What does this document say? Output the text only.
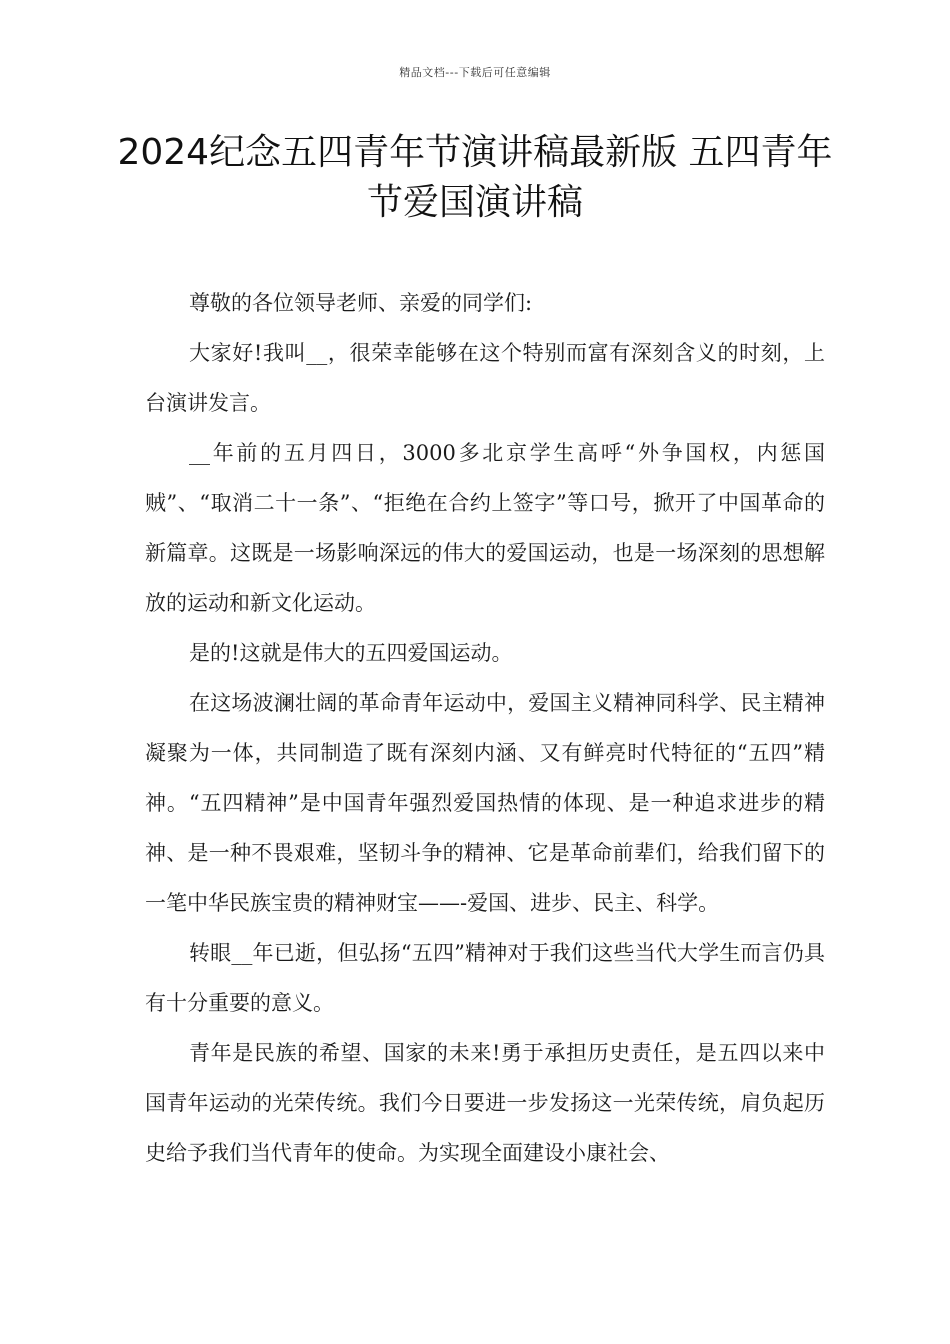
精品文档---下载后可任意编辑
2024纪念五四青年节演讲稿最新版 五四青年节爱国演讲稿

尊敬的各位领导老师、亲爱的同学们:

大家好!我叫__，很荣幸能够在这个特别而富有深刻含义的时刻，上台演讲发言。

__年前的五月四日，3000多北京学生高呼“外争国权，内惩国贼”、“取消二十一条”、“拒绝在合约上签字”等口号，掀开了中国革命的新篇章。这既是一场影响深远的伟大的爱国运动，也是一场深刻的思想解放的运动和新文化运动。

是的!这就是伟大的五四爱国运动。

在这场波澜壮阔的革命青年运动中，爱国主义精神同科学、民主精神凝聚为一体，共同制造了既有深刻内涵、又有鲜亮时代特征的“五四”精神。“五四精神”是中国青年强烈爱国热情的体现、是一种追求进步的精神、是一种不畏艰难，坚韧斗争的精神、它是革命前辈们，给我们留下的一笔中华民族宝贵的精神财宝——-爱国、进步、民主、科学。

转眼__年已逝，但弘扬“五四”精神对于我们这些当代大学生而言仍具有十分重要的意义。

青年是民族的希望、国家的未来!勇于承担历史责任，是五四以来中国青年运动的光荣传统。我们今日要进一步发扬这一光荣传统，肩负起历史给予我们当代青年的使命。为实现全面建设小康社会、
